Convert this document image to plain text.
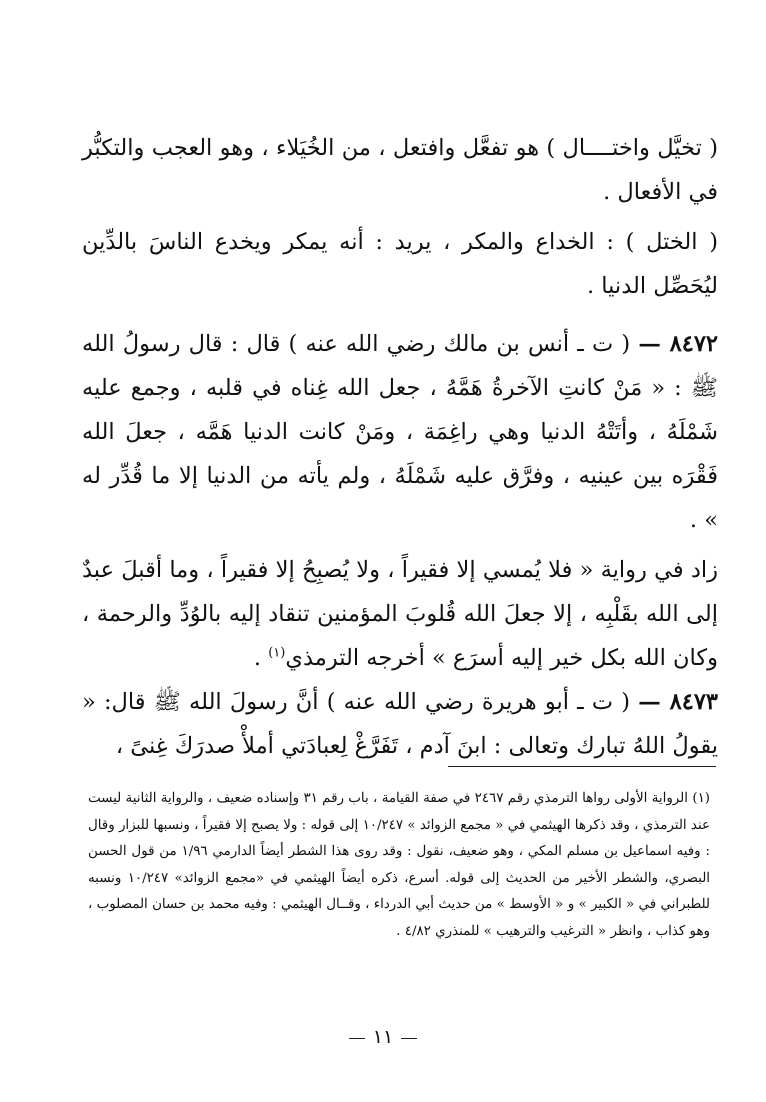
( تخيَّل واختــــال ) هو تفعَّل وافتعل ، من الخُيَلاء ، وهو العجب والتكبُّر في الأفعال .

( الختل ) : الخداع والمكر ، يريد : أنه يمكر ويخدع الناسَ بالدِّين ليُحَصِّل الدنيا .

٨٤٧٢ — ( ت ـ أنس بن مالك رضي الله عنه ) قال : قال رسولُ الله ﷺ : « مَنْ كانتِ الآخرةُ هَمَّهُ ، جعل الله غِناه في قلبه ، وجمع عليه شَمْلَهُ ، وأتَتْهُ الدنيا وهي راغِمَة ، ومَنْ كانت الدنيا هَمَّه ، جعلَ الله فَقْرَه بين عينيه ، وفرَّق عليه شَمْلَهُ ، ولم يأته من الدنيا إلا ما قُدِّر له » .

زاد في رواية « فلا يُمسي إلا فقيراً ، ولا يُصبِحُ إلا فقيراً ، وما أقبلَ عبدٌ إلى الله بقَلْبِه ، إلا جعلَ الله قُلوبَ المؤمنين تنقاد إليه بالوُدِّ والرحمة ، وكان الله بكل خير إليه أسرَع » أخرجه الترمذي$^{(١)}$ .

٨٤٧٣ — ( ت ـ أبو هريرة رضي الله عنه ) أنَّ رسولَ الله ﷺ قال: « يقولُ اللهُ تبارك وتعالى : ابنَ آدم ، تَفَرَّغْ لِعبادَتي أملأْ صدرَكَ غِنىً ،

(١) الرواية الأولى رواها الترمذي رقم ٢٤٦٧ في صفة القيامة ، باب رقم ٣١ وإسناده ضعيف ، والرواية الثانية ليست عند الترمذي ، وقد ذكرها الهيثمي في « مجمع الزوائد » ١٠/٢٤٧ إلى قوله : ولا يصبح إلا فقيراً ، ونسبها للبزار وقال : وفيه اسماعيل بن مسلم المكي ، وهو ضعيف، نقول : وقد روى هذا الشطر أيضاً الدارمي ١/٩٦ من قول الحسن البصري، والشطر الأخير من الحديث إلى قوله. أسرع، ذكره أيضاً الهيثمي في «مجمع الزوائد» ١٠/٢٤٧ ونسبه للطبراني في « الكبير » و « الأوسط » من حديث أبي الدرداء ، وقــال الهيثمي : وفيه محمد بن حسان المصلوب ، وهو كذاب ، وانظر « الترغيب والترهيب » للمنذري ٤/٨٢ .

١١
